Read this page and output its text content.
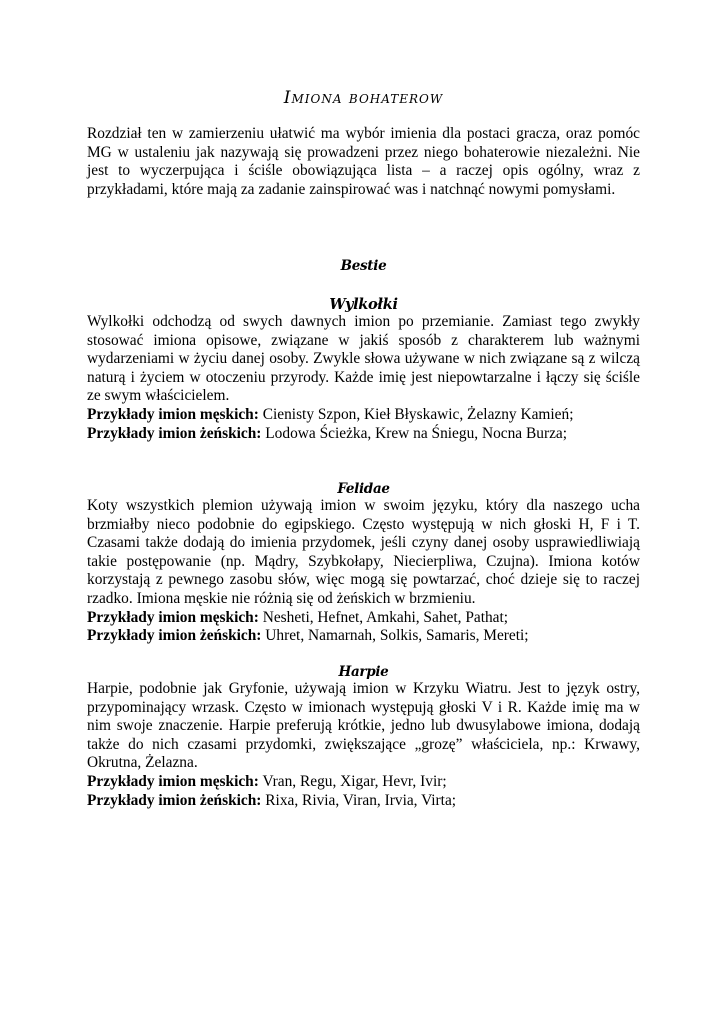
Imiona bohaterow

Rozdział ten w zamierzeniu ułatwić ma wybór imienia dla postaci gracza, oraz pomóc MG w ustaleniu jak nazywają się prowadzeni przez niego bohaterowie niezależni. Nie jest to wyczerpująca i ściśle obowiązująca lista – a raczej opis ogólny, wraz z przykładami, które mają za zadanie zainspirować was i natchnąć nowymi pomysłami.

Bestie
Wylkołki

Wylkołki odchodzą od swych dawnych imion po przemianie. Zamiast tego zwykły stosować imiona opisowe, związane w jakiś sposób z charakterem lub ważnymi wydarzeniami w życiu danej osoby. Zwykle słowa używane w nich związane są z wilczą naturą i życiem w otoczeniu przyrody. Każde imię jest niepowtarzalne i łączy się ściśle ze swym właścicielem.

Przykłady imion męskich: Cienisty Szpon, Kieł Błyskawic, Żelazny Kamień;
Przykłady imion żeńskich: Lodowa Ścieżka, Krew na Śniegu, Nocna Burza;
Felidae

Koty wszystkich plemion używają imion w swoim języku, który dla naszego ucha brzmiałby nieco podobnie do egipskiego. Często występują w nich głoski H, F i T. Czasami także dodają do imienia przydomek, jeśli czyny danej osoby usprawiedliwiają takie postępowanie (np. Mądry, Szybkołapy, Niecierpliwa, Czujna). Imiona kotów korzystają z pewnego zasobu słów, więc mogą się powtarzać, choć dzieje się to raczej rzadko. Imiona męskie nie różnią się od żeńskich w brzmieniu.

Przykłady imion męskich: Nesheti, Hefnet, Amkahi, Sahet, Pathat;
Przykłady imion żeńskich: Uhret, Namarnah, Solkis, Samaris, Mereti;
Harpie

Harpie, podobnie jak Gryfonie, używają imion w Krzyku Wiatru. Jest to język ostry, przypominający wrzask. Często w imionach występują głoski V i R. Każde imię ma w nim swoje znaczenie. Harpie preferują krótkie, jedno lub dwusylabowe imiona, dodają także do nich czasami przydomki, zwiększające „grozę” właściciela, np.: Krwawy, Okrutna, Żelazna.

Przykłady imion męskich: Vran, Regu, Xigar, Hevr, Ivir;
Przykłady imion żeńskich: Rixa, Rivia, Viran, Irvia, Virta;
